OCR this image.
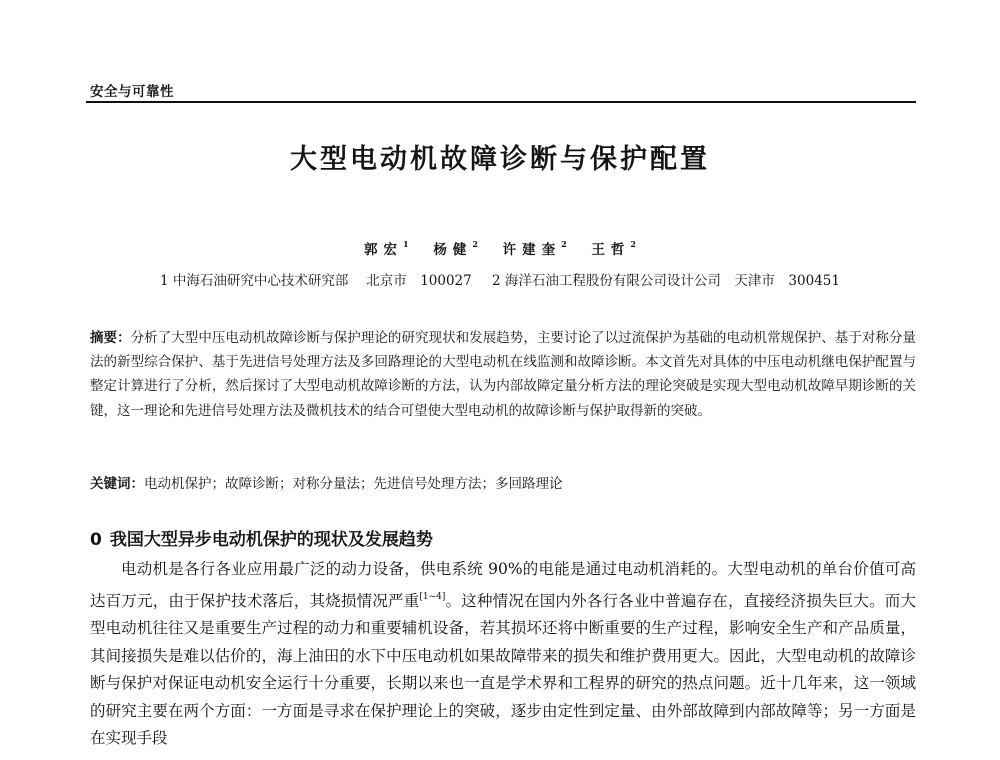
安全与可靠性
大型电动机故障诊断与保护配置
郭宏$^1$ 杨健$^2$ 许建奎$^2$ 王哲$^2$
1 中海石油研究中心技术研究部　 北京市　100027 2 海洋石油工程股份有限公司设计公司　天津市　300451
摘要：分析了大型中压电动机故障诊断与保护理论的研究现状和发展趋势，主要讨论了以过流保护为基础的电动机常规保护、基于对称分量法的新型综合保护、基于先进信号处理方法及多回路理论的大型电动机在线监测和故障诊断。本文首先对具体的中压电动机继电保护配置与整定计算进行了分析，然后探讨了大型电动机故障诊断的方法，认为内部故障定量分析方法的理论突破是实现大型电动机故障早期诊断的关键，这一理论和先进信号处理方法及微机技术的结合可望使大型电动机的故障诊断与保护取得新的突破。
关键词：电动机保护；故障诊断；对称分量法；先进信号处理方法；多回路理论
0 我国大型异步电动机保护的现状及发展趋势

电动机是各行各业应用最广泛的动力设备，供电系统 90%的电能是通过电动机消耗的。大型电动机的单台价值可高达百万元，由于保护技术落后，其烧损情况严重[1~4]。这种情况在国内外各行各业中普遍存在，直接经济损失巨大。而大型电动机往往又是重要生产过程的动力和重要辅机设备，若其损坏还将中断重要的生产过程，影响安全生产和产品质量，其间接损失是难以估价的，海上油田的水下中压电动机如果故障带来的损失和维护费用更大。因此，大型电动机的故障诊断与保护对保证电动机安全运行十分重要，长期以来也一直是学术界和工程界的研究的热点问题。近十几年来，这一领域的研究主要在两个方面：一方面是寻求在保护理论上的突破，逐步由定性到定量、由外部故障到内部故障等；另一方面是在实现手段
